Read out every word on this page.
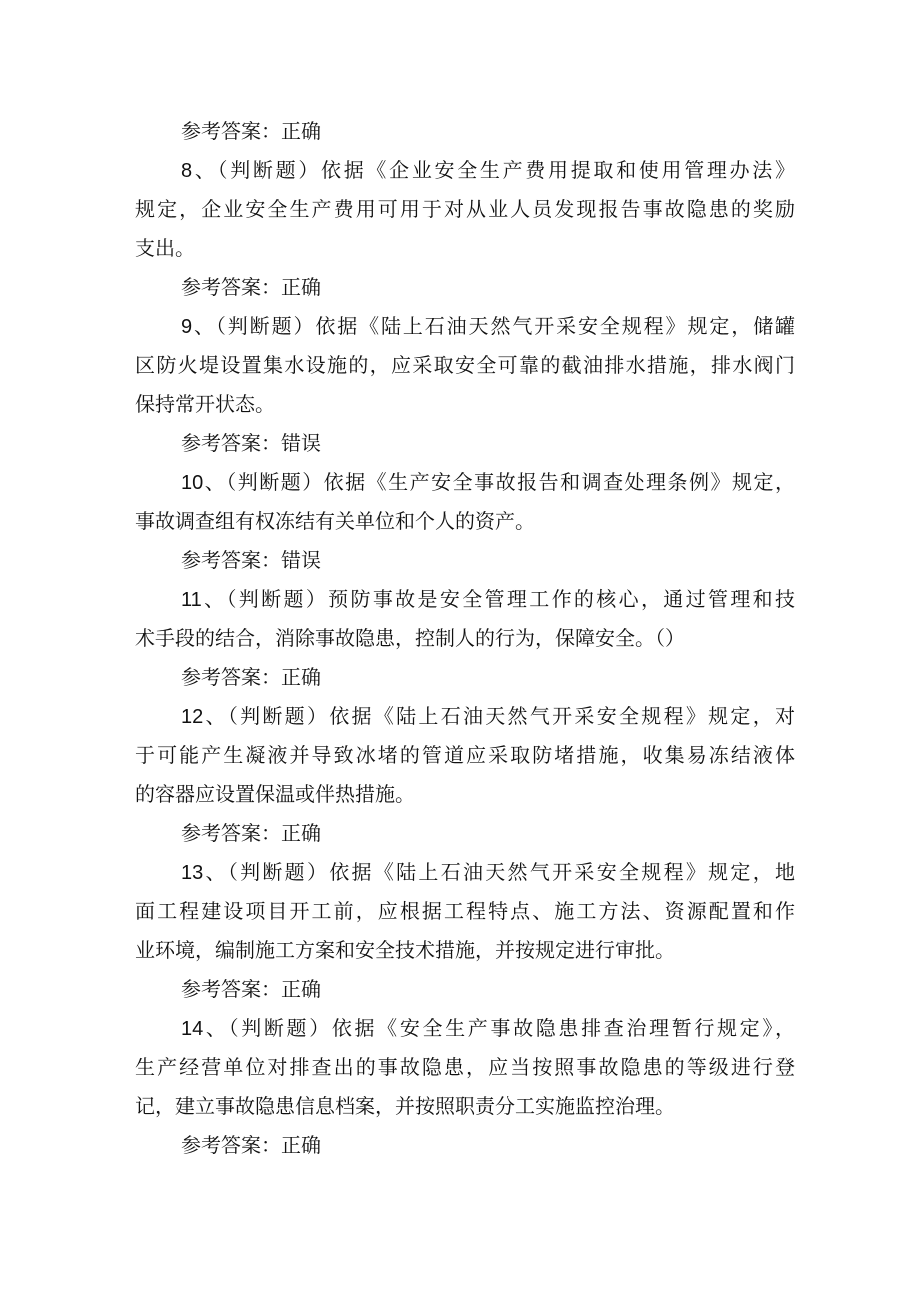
参考答案：正确
8、（判断题）依据《企业安全生产费用提取和使用管理办法》
规定，企业安全生产费用可用于对从业人员发现报告事故隐患的奖励
支出。
参考答案：正确
9、（判断题）依据《陆上石油天然气开采安全规程》规定，储罐
区防火堤设置集水设施的，应采取安全可靠的截油排水措施，排水阀门
保持常开状态。
参考答案：错误
10、（判断题）依据《生产安全事故报告和调查处理条例》规定，
事故调查组有权冻结有关单位和个人的资产。
参考答案：错误
11、（判断题）预防事故是安全管理工作的核心，通过管理和技
术手段的结合，消除事故隐患，控制人的行为，保障安全。（）
参考答案：正确
12、（判断题）依据《陆上石油天然气开采安全规程》规定，对
于可能产生凝液并导致冰堵的管道应采取防堵措施，收集易冻结液体
的容器应设置保温或伴热措施。
参考答案：正确
13、（判断题）依据《陆上石油天然气开采安全规程》规定，地
面工程建设项目开工前，应根据工程特点、施工方法、资源配置和作
业环境，编制施工方案和安全技术措施，并按规定进行审批。
参考答案：正确
14、（判断题）依据《安全生产事故隐患排查治理暂行规定》，
生产经营单位对排查出的事故隐患，应当按照事故隐患的等级进行登
记，建立事故隐患信息档案，并按照职责分工实施监控治理。
参考答案：正确
